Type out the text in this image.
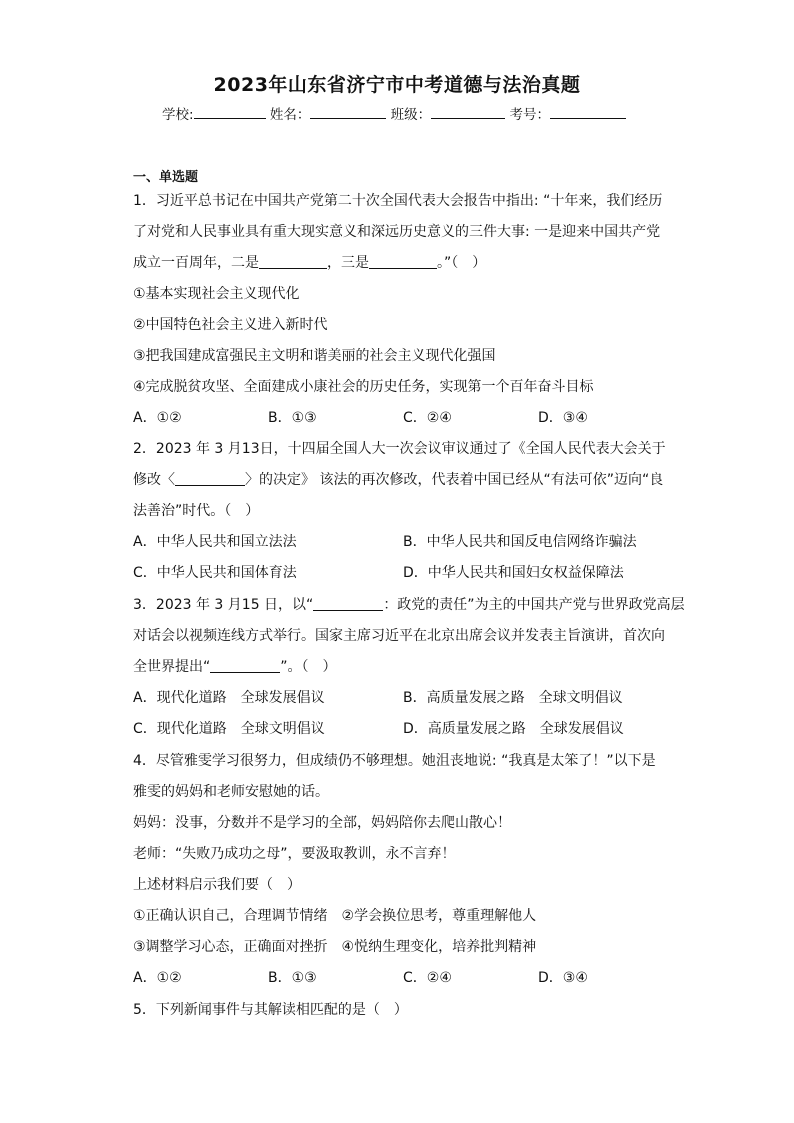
2023年山东省济宁市中考道德与法治真题
学校:	姓名：	班级：	考号：
一、单选题
1．习近平总书记在中国共产党第二十次全国代表大会报告中指出: “十年来，我们经历
了对党和人民事业具有重大现实意义和深远历史意义的三件大事: 一是迎来中国共产党
成立一百周年，二是	，三是	。”（　）
①基本实现社会主义现代化
②中国特色社会主义进入新时代
③把我国建成富强民主文明和谐美丽的社会主义现代化强国
④完成脱贫攻坚、全面建成小康社会的历史任务，实现第一个百年奋斗目标
A．①②	B．①③	C．②④	D．③④
2．2023 年 3 月13日，十四届全国人大一次会议审议通过了《全国人民代表大会关于
修改〈	〉的决定》 该法的再次修改，代表着中国已经从“有法可依”迈向“良
法善治”时代。（　）
A．中华人民共和国立法法	B．中华人民共和国反电信网络诈骗法
C．中华人民共和国体育法	D．中华人民共和国妇女权益保障法
3．2023 年 3 月15 日，以“	：政党的责任”为主的中国共产党与世界政党高层
对话会以视频连线方式举行。国家主席习近平在北京出席会议并发表主旨演讲，首次向
全世界提出“	”。（　）
A．现代化道路　全球发展倡议	B．高质量发展之路　全球文明倡议
C．现代化道路　全球文明倡议	D．高质量发展之路　全球发展倡议
4．尽管雅雯学习很努力，但成绩仍不够理想。她沮丧地说: “我真是太笨了！”以下是
雅雯的妈妈和老师安慰她的话。
妈妈：没事，分数并不是学习的全部，妈妈陪你去爬山散心！
老师：“失败乃成功之母”，要汲取教训，永不言弃！
上述材料启示我们要（　）
①正确认识自己，合理调节情绪　②学会换位思考，尊重理解他人
③调整学习心态，正确面对挫折　④悦纳生理变化，培养批判精神
A．①②	B．①③	C．②④	D．③④
5．下列新闻事件与其解读相匹配的是（　）
